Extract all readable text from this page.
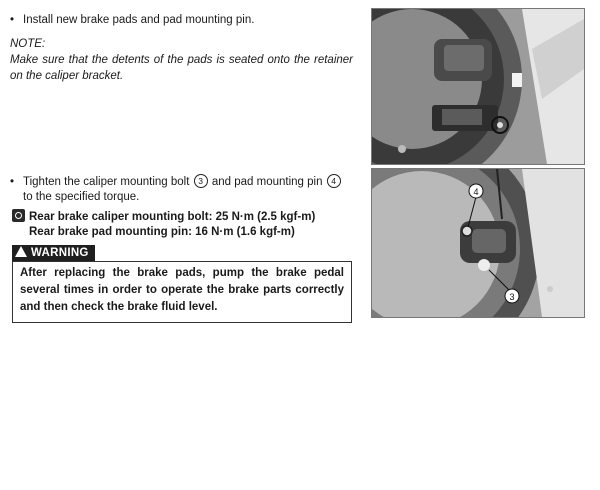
• Install new brake pads and pad mounting pin.
NOTE:
Make sure that the detents of the pads is seated onto the retainer on the caliper bracket.
• Tighten the caliper mounting bolt 3 and pad mounting pin 4
to the specified torque.
Rear brake caliper mounting bolt: 25 N·m (2.5 kgf-m)
Rear brake pad mounting pin: 16 N·m (1.6 kgf-m)
WARNING
After replacing the brake pads, pump the brake pedal several times in order to operate the brake parts correctly and then check the brake fluid level.
4
3
